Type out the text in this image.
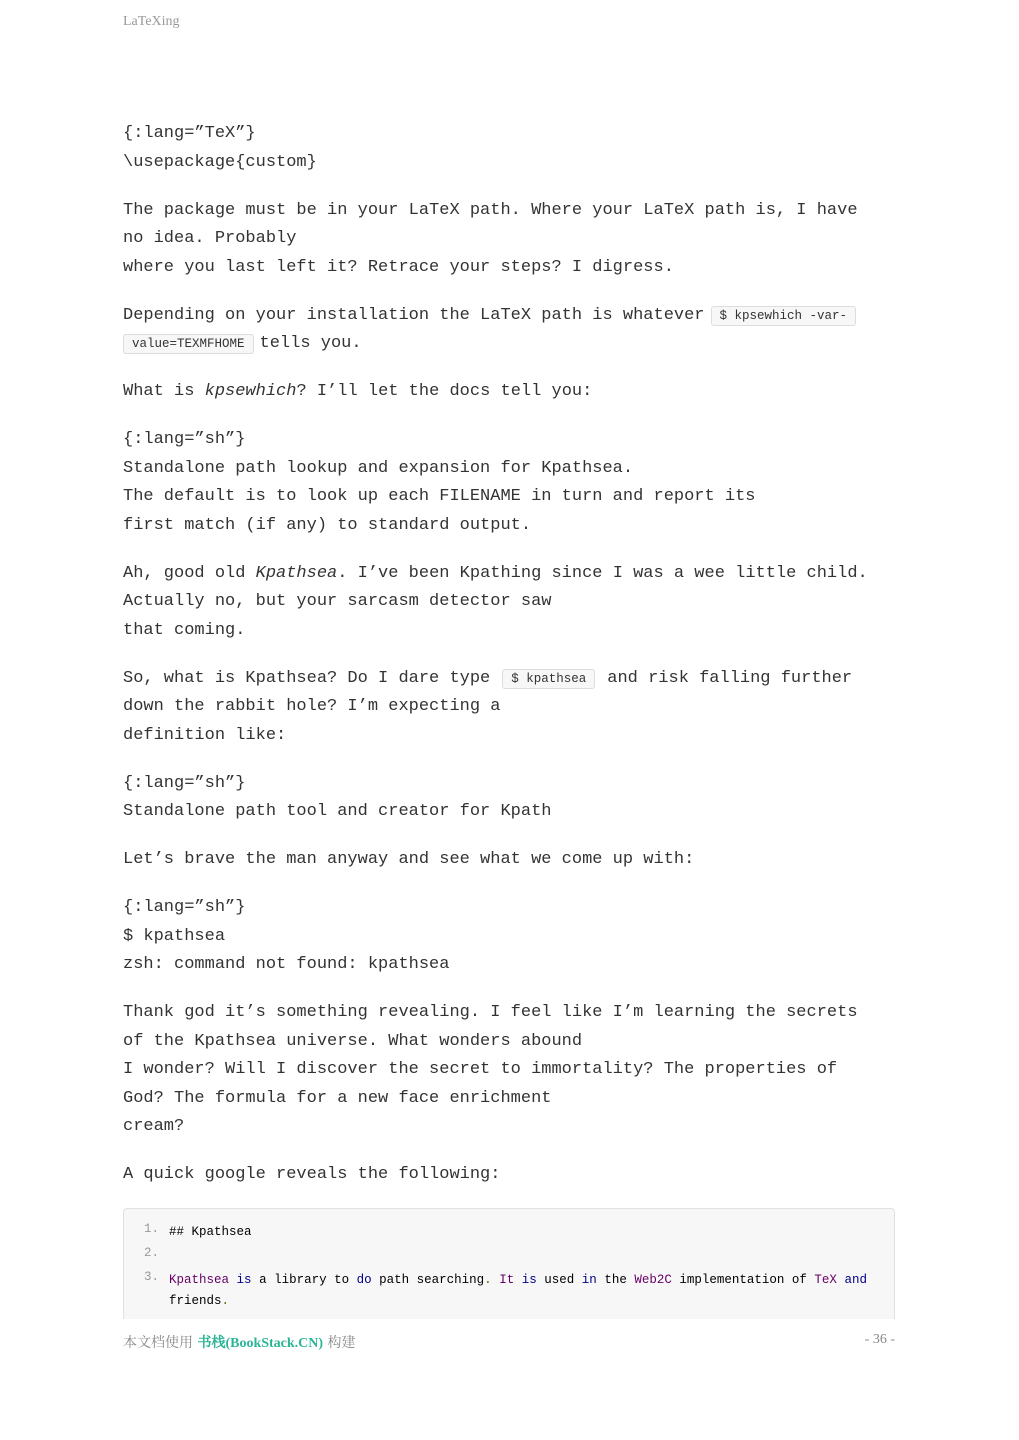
LaTeXing

{:lang=”TeX”}
\usepackage{custom}

The package must be in your LaTeX path. Where your LaTeX path is, I have
no idea. Probably
where you last left it? Retrace your steps? I digress.

Depending on your installation the LaTeX path is whatever $ kpsewhich -var-
value=TEXMFHOME tells you.

What is kpsewhich? I’ll let the docs tell you:

{:lang=”sh”}
Standalone path lookup and expansion for Kpathsea.
The default is to look up each FILENAME in turn and report its
first match (if any) to standard output.

Ah, good old Kpathsea. I’ve been Kpathing since I was a wee little child.
Actually no, but your sarcasm detector saw
that coming.

So, what is Kpathsea? Do I dare type $ kpathsea and risk falling further
down the rabbit hole? I’m expecting a
definition like:

{:lang=”sh”}
Standalone path tool and creator for Kpath

Let’s brave the man anyway and see what we come up with:

{:lang=”sh”}
$ kpathsea
zsh: command not found: kpathsea

Thank god it’s something revealing. I feel like I’m learning the secrets
of the Kpathsea universe. What wonders abound
I wonder? Will I discover the secret to immortality? The properties of
God? The formula for a new face enrichment
cream?

A quick google reveals the following:

1. ## Kpathsea
2.
3. Kpathsea is a library to do path searching. It is used in the Web2C implementation of TeX and friends.
本文档使用 书栈(BookStack.CN) 构建	- 36 -
